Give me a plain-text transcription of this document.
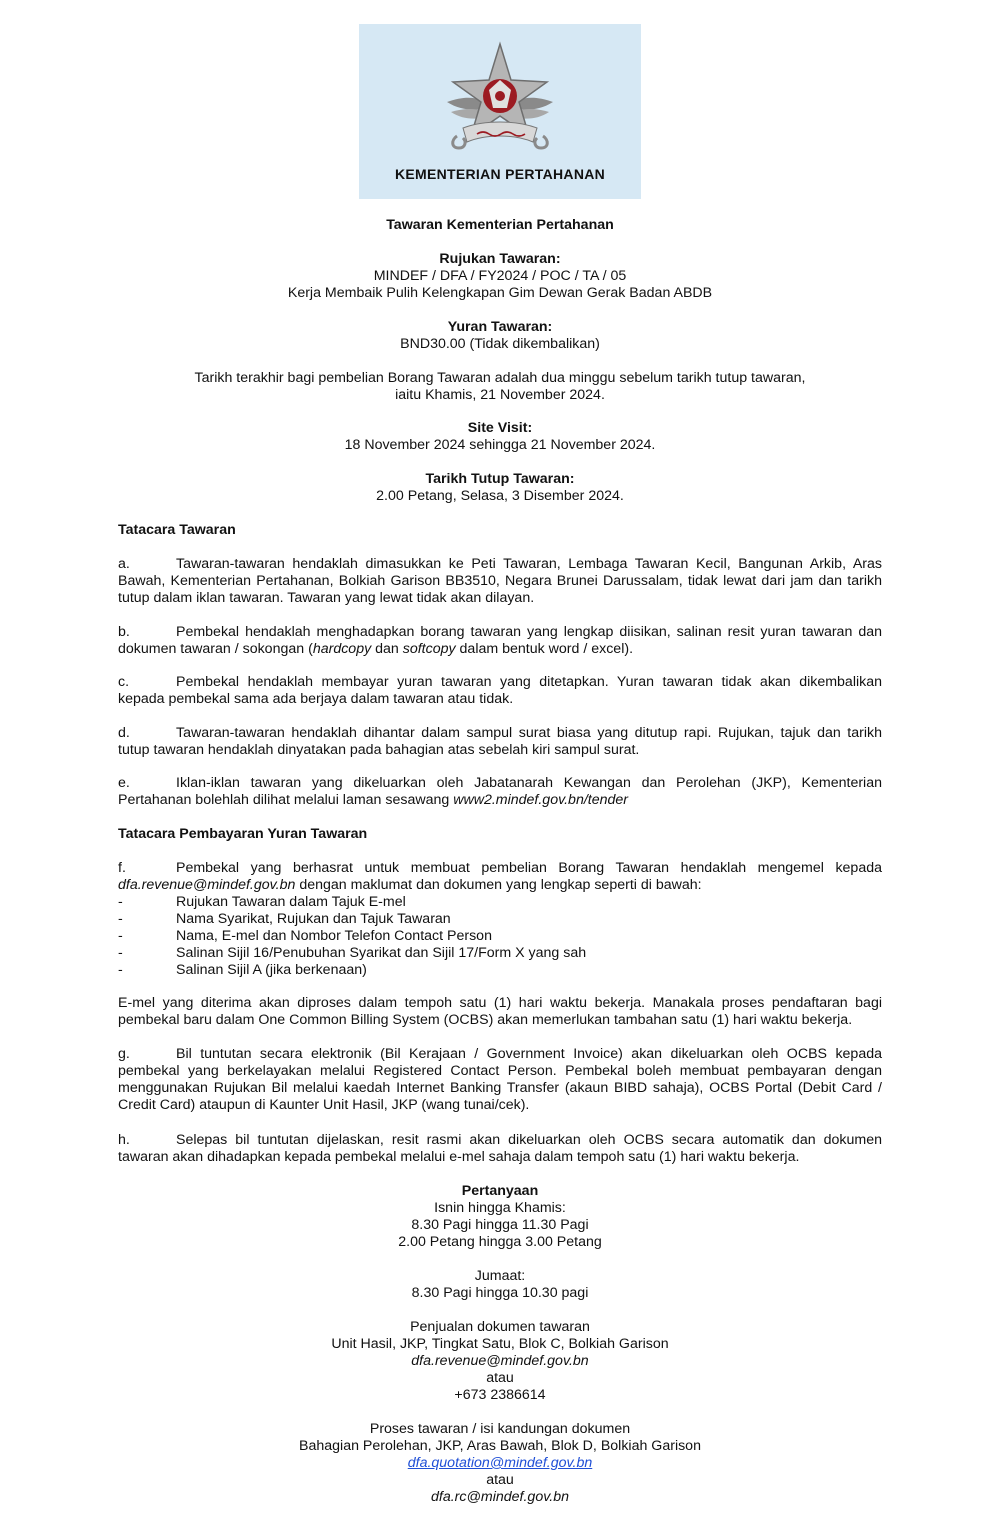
KEMENTERIAN PERTAHANAN
Tawaran Kementerian Pertahanan
Rujukan Tawaran:
MINDEF / DFA / FY2024 / POC / TA / 05
Kerja Membaik Pulih Kelengkapan Gim Dewan Gerak Badan ABDB
Yuran Tawaran:
BND30.00 (Tidak dikembalikan)
Tarikh terakhir bagi pembelian Borang Tawaran adalah dua minggu sebelum tarikh tutup tawaran,
iaitu Khamis, 21 November 2024.
Site Visit:
18 November 2024 sehingga 21 November 2024.
Tarikh Tutup Tawaran:
2.00 Petang, Selasa, 3 Disember 2024.
Tatacara Tawaran
a.	Tawaran-tawaran hendaklah dimasukkan ke Peti Tawaran, Lembaga Tawaran Kecil, Bangunan Arkib, Aras Bawah, Kementerian Pertahanan, Bolkiah Garison BB3510, Negara Brunei Darussalam, tidak lewat dari jam dan tarikh tutup dalam iklan tawaran. Tawaran yang lewat tidak akan dilayan.
b.	Pembekal hendaklah menghadapkan borang tawaran yang lengkap diisikan, salinan resit yuran tawaran dan dokumen tawaran / sokongan (hardcopy dan softcopy dalam bentuk word / excel).
c.	Pembekal hendaklah membayar yuran tawaran yang ditetapkan. Yuran tawaran tidak akan dikembalikan kepada pembekal sama ada berjaya dalam tawaran atau tidak.
d.	Tawaran-tawaran hendaklah dihantar dalam sampul surat biasa yang ditutup rapi. Rujukan, tajuk dan tarikh tutup tawaran hendaklah dinyatakan pada bahagian atas sebelah kiri sampul surat.
e.	Iklan-iklan tawaran yang dikeluarkan oleh Jabatanarah Kewangan dan Perolehan (JKP), Kementerian Pertahanan bolehlah dilihat melalui laman sesawang www2.mindef.gov.bn/tender
Tatacara Pembayaran Yuran Tawaran
f.	Pembekal yang berhasrat untuk membuat pembelian Borang Tawaran hendaklah mengemel kepada dfa.revenue@mindef.gov.bn dengan maklumat dan dokumen yang lengkap seperti di bawah:
-	Rujukan Tawaran dalam Tajuk E-mel
-	Nama Syarikat, Rujukan dan Tajuk Tawaran
-	Nama, E-mel dan Nombor Telefon Contact Person
-	Salinan Sijil 16/Penubuhan Syarikat dan Sijil 17/Form X yang sah
-	Salinan Sijil A (jika berkenaan)
E-mel yang diterima akan diproses dalam tempoh satu (1) hari waktu bekerja. Manakala proses pendaftaran bagi pembekal baru dalam One Common Billing System (OCBS) akan memerlukan tambahan satu (1) hari waktu bekerja.
g.	Bil tuntutan secara elektronik (Bil Kerajaan / Government Invoice) akan dikeluarkan oleh OCBS kepada pembekal yang berkelayakan melalui Registered Contact Person. Pembekal boleh membuat pembayaran dengan menggunakan Rujukan Bil melalui kaedah Internet Banking Transfer (akaun BIBD sahaja), OCBS Portal (Debit Card / Credit Card) ataupun di Kaunter Unit Hasil, JKP (wang tunai/cek).
h.	Selepas bil tuntutan dijelaskan, resit rasmi akan dikeluarkan oleh OCBS secara automatik dan dokumen tawaran akan dihadapkan kepada pembekal melalui e-mel sahaja dalam tempoh satu (1) hari waktu bekerja.
Pertanyaan
Isnin hingga Khamis:
8.30 Pagi hingga 11.30 Pagi
2.00 Petang hingga 3.00 Petang
Jumaat:
8.30 Pagi hingga 10.30 pagi
Penjualan dokumen tawaran
Unit Hasil, JKP, Tingkat Satu, Blok C, Bolkiah Garison
dfa.revenue@mindef.gov.bn
atau
+673 2386614
Proses tawaran / isi kandungan dokumen
Bahagian Perolehan, JKP, Aras Bawah, Blok D, Bolkiah Garison
dfa.quotation@mindef.gov.bn
atau
dfa.rc@mindef.gov.bn
